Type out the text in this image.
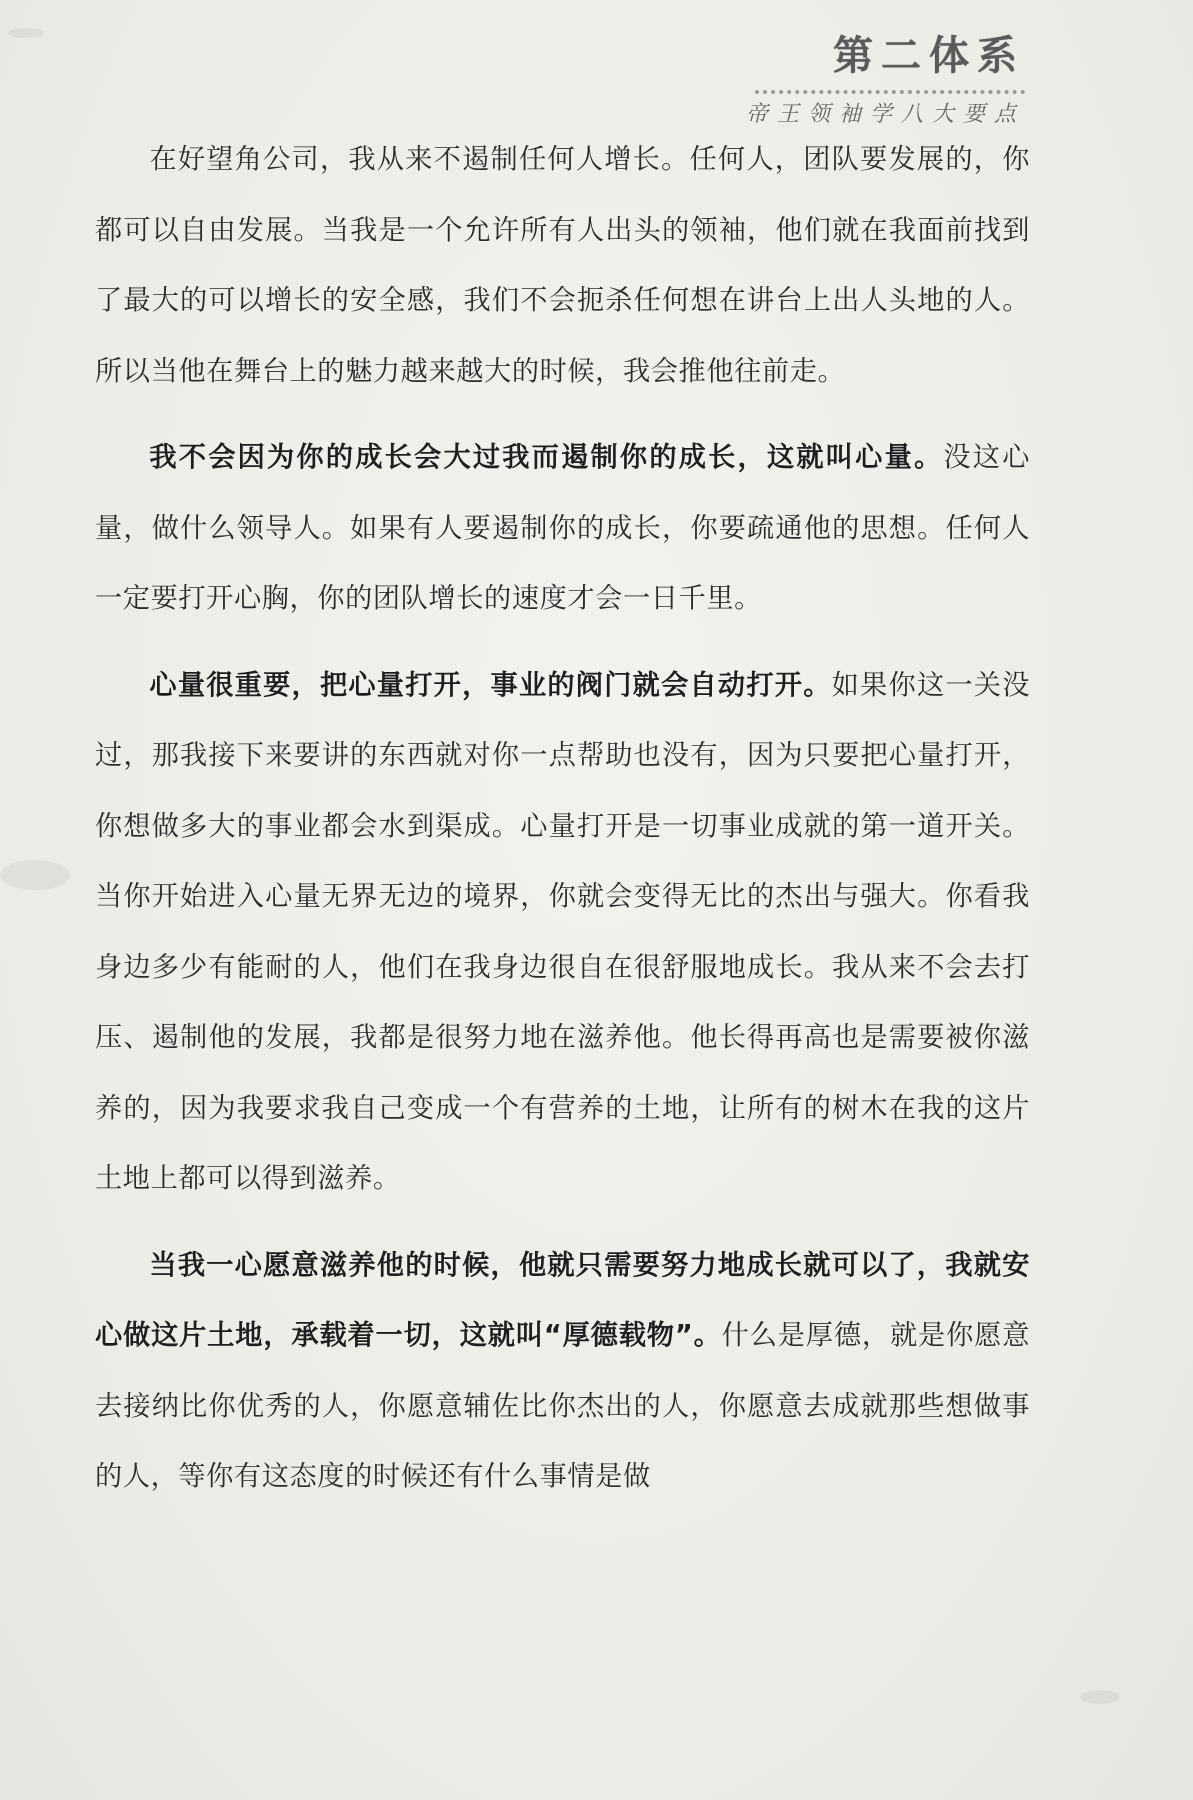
第二体系
帝王领袖学八大要点

在好望角公司，我从来不遏制任何人增长。任何人，团队要发展的，你都可以自由发展。当我是一个允许所有人出头的领袖，他们就在我面前找到了最大的可以增长的安全感，我们不会扼杀任何想在讲台上出人头地的人。所以当他在舞台上的魅力越来越大的时候，我会推他往前走。

我不会因为你的成长会大过我而遏制你的成长，这就叫心量。没这心量，做什么领导人。如果有人要遏制你的成长，你要疏通他的思想。任何人一定要打开心胸，你的团队增长的速度才会一日千里。

心量很重要，把心量打开，事业的阀门就会自动打开。如果你这一关没过，那我接下来要讲的东西就对你一点帮助也没有，因为只要把心量打开，你想做多大的事业都会水到渠成。心量打开是一切事业成就的第一道开关。当你开始进入心量无界无边的境界，你就会变得无比的杰出与强大。你看我身边多少有能耐的人，他们在我身边很自在很舒服地成长。我从来不会去打压、遏制他的发展，我都是很努力地在滋养他。他长得再高也是需要被你滋养的，因为我要求我自己变成一个有营养的土地，让所有的树木在我的这片土地上都可以得到滋养。

当我一心愿意滋养他的时候，他就只需要努力地成长就可以了，我就安心做这片土地，承载着一切，这就叫“厚德载物”。什么是厚德，就是你愿意去接纳比你优秀的人，你愿意辅佐比你杰出的人，你愿意去成就那些想做事的人，等你有这态度的时候还有什么事情是做
